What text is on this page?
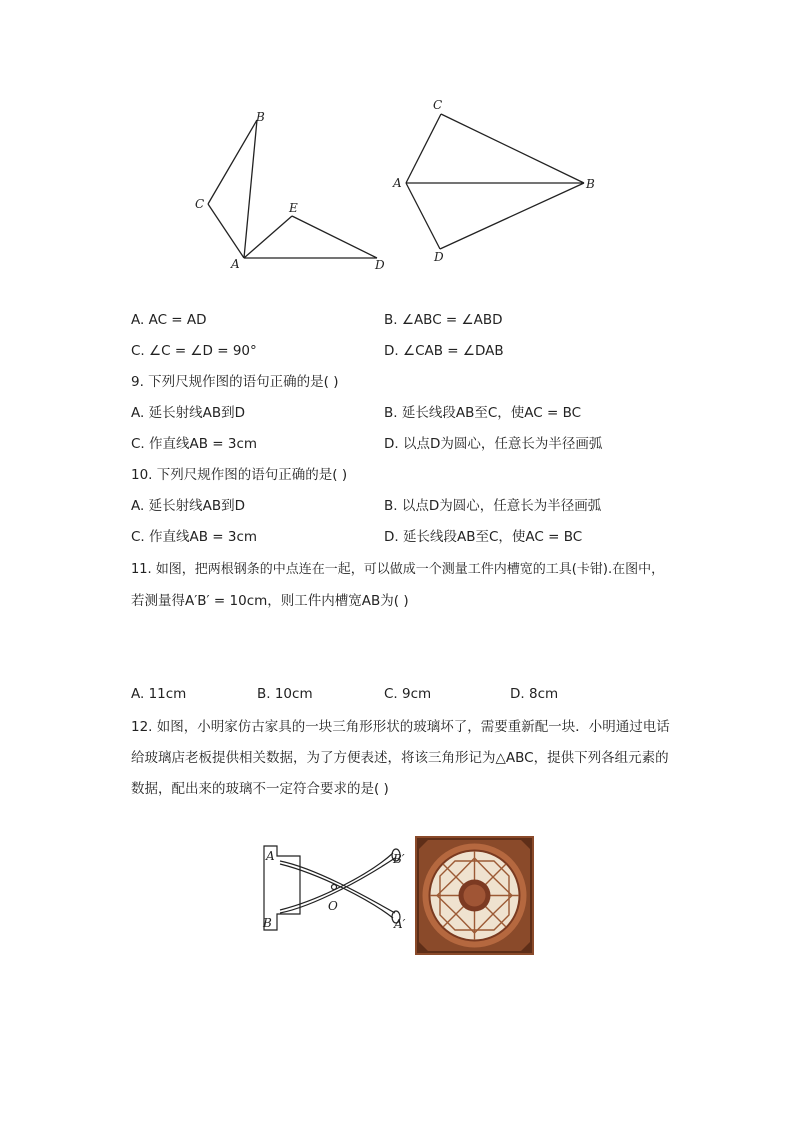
B
C	E
A	D
C
A	B
D
A. AC = AD	B. ∠ABC = ∠ABD
C. ∠C = ∠D = 90°	D. ∠CAB = ∠DAB
9. 下列尺规作图的语句正确的是( )
A. 延长射线AB到D	B. 延长线段AB至C，使AC = BC
C. 作直线AB = 3cm	D. 以点D为圆心，任意长为半径画弧
10. 下列尺规作图的语句正确的是( )
A. 延长射线AB到D	B. 以点D为圆心，任意长为半径画弧
C. 作直线AB = 3cm	D. 延长线段AB至C，使AC = BC
11. 如图，把两根钢条的中点连在一起，可以做成一个测量工件内槽宽的工具(卡钳).在图中，
若测量得A′B′ = 10cm，则工件内槽宽AB为( )
A. 11cm	B. 10cm	C. 9cm	D. 8cm
12. 如图，小明家仿古家具的一块三角形形状的玻璃坏了，需要重新配一块．小明通过电话
给玻璃店老板提供相关数据，为了方便表述，将该三角形记为△ABC，提供下列各组元素的
数据，配出来的玻璃不一定符合要求的是( )
A	B′
B
O
A′
